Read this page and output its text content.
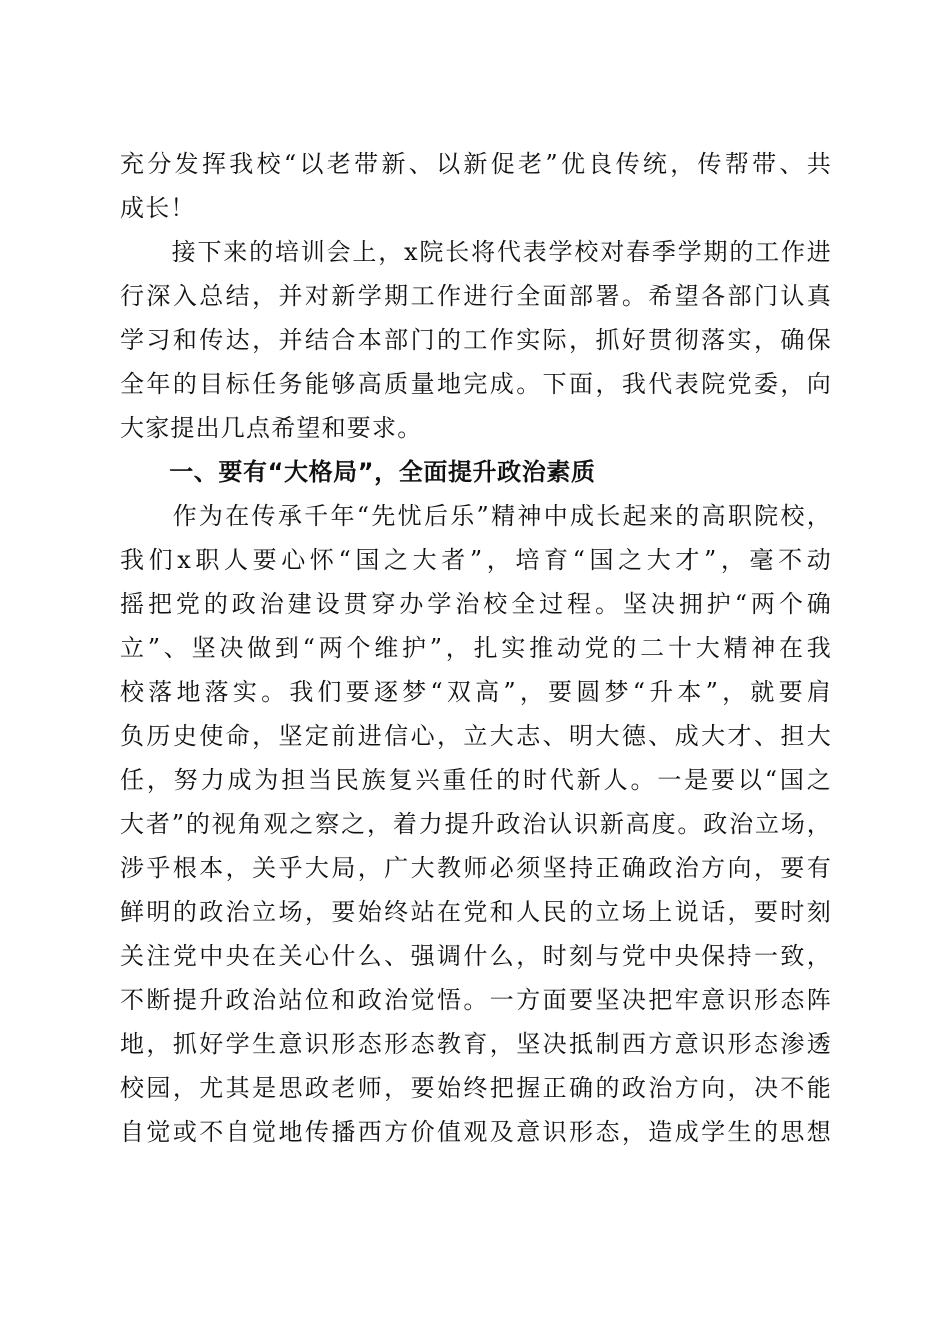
充分发挥我校“以老带新、以新促老”优良传统，传帮带、共
成长！
　　接下来的培训会上，x院长将代表学校对春季学期的工作进
行深入总结，并对新学期工作进行全面部署。希望各部门认真
学习和传达，并结合本部门的工作实际，抓好贯彻落实，确保
全年的目标任务能够高质量地完成。下面，我代表院党委，向
大家提出几点希望和要求。
　　一、要有“大格局”，全面提升政治素质
　　作为在传承千年“先忧后乐”精神中成长起来的高职院校，
我们x职人要心怀“国之大者”，培育“国之大才”，毫不动
摇把党的政治建设贯穿办学治校全过程。坚决拥护“两个确
立”、坚决做到“两个维护”，扎实推动党的二十大精神在我
校落地落实。我们要逐梦“双高”，要圆梦“升本”，就要肩
负历史使命，坚定前进信心，立大志、明大德、成大才、担大
任，努力成为担当民族复兴重任的时代新人。一是要以“国之
大者”的视角观之察之，着力提升政治认识新高度。政治立场，
涉乎根本，关乎大局，广大教师必须坚持正确政治方向，要有
鲜明的政治立场，要始终站在党和人民的立场上说话，要时刻
关注党中央在关心什么、强调什么，时刻与党中央保持一致，
不断提升政治站位和政治觉悟。一方面要坚决把牢意识形态阵
地，抓好学生意识形态形态教育，坚决抵制西方意识形态渗透
校园，尤其是思政老师，要始终把握正确的政治方向，决不能
自觉或不自觉地传播西方价值观及意识形态，造成学生的思想
